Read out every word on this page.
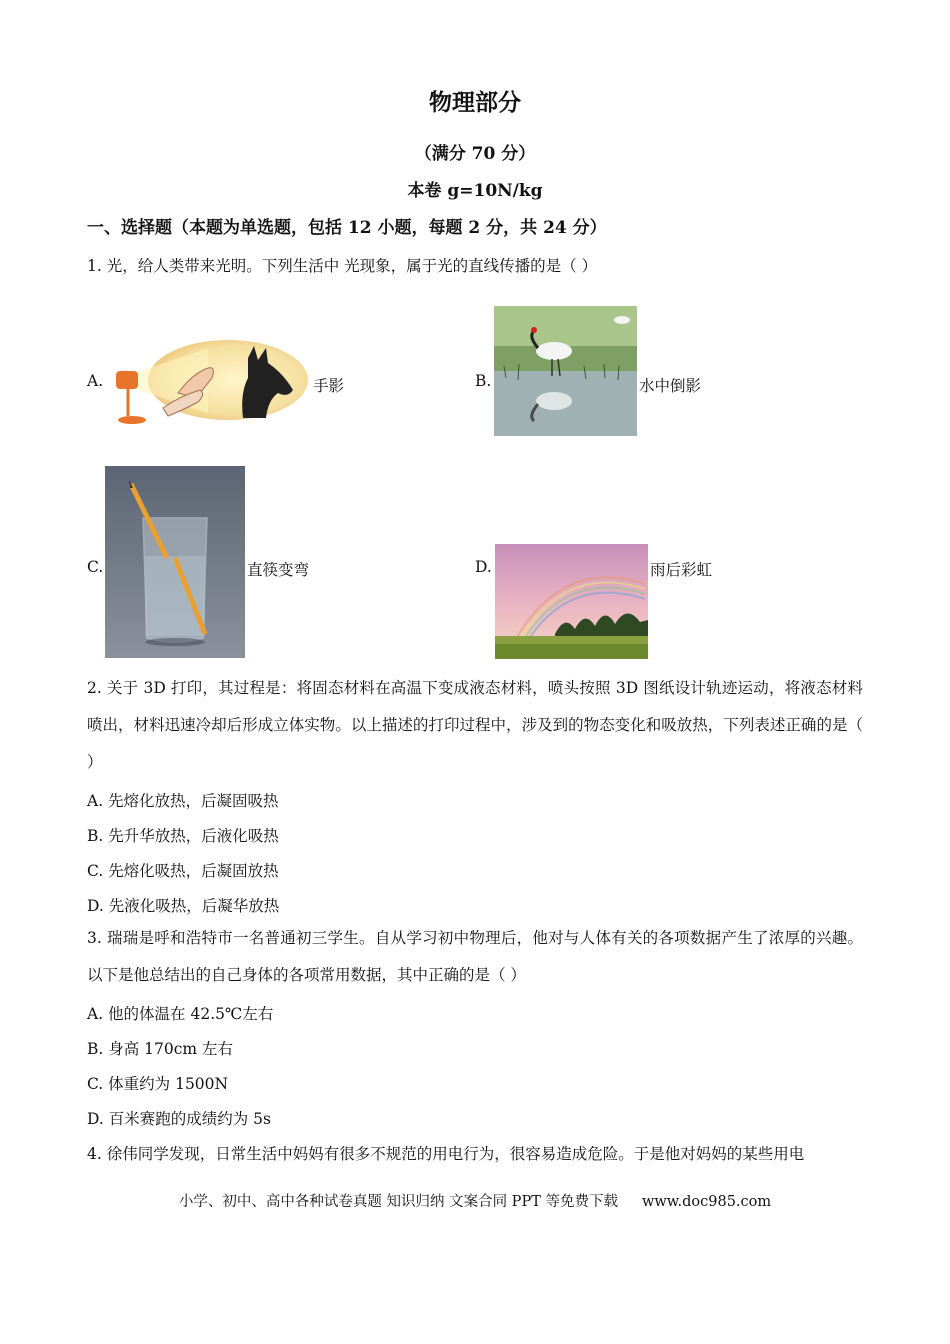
物理部分
（满分 70 分）
本卷 g=10N/kg
一、选择题（本题为单选题，包括 12 小题，每题 2 分，共 24 分）
1. 光，给人类带来光明。下列生活中 光现象，属于光的直线传播的是（ ）
A.	手影	B.	水中倒影
C.	直筷变弯	D.	雨后彩虹
2. 关于 3D 打印，其过程是：将固态材料在高温下变成液态材料，喷头按照 3D 图纸设计轨迹运动，将液态材料喷出，材料迅速冷却后形成立体实物。以上描述的打印过程中，涉及到的物态变化和吸放热，下列表述正确的是（ ）
A. 先熔化放热，后凝固吸热
B. 先升华放热，后液化吸热
C. 先熔化吸热，后凝固放热
D. 先液化吸热，后凝华放热
3. 瑞瑞是呼和浩特市一名普通初三学生。自从学习初中物理后，他对与人体有关的各项数据产生了浓厚的兴趣。以下是他总结出的自己身体的各项常用数据，其中正确的是（ ）
A. 他的体温在 42.5℃左右
B. 身高 170cm 左右
C. 体重约为 1500N
D. 百米赛跑的成绩约为 5s
4. 徐伟同学发现，日常生活中妈妈有很多不规范的用电行为，很容易造成危险。于是他对妈妈的某些用电
小学、初中、高中各种试卷真题 知识归纳 文案合同 PPT 等免费下载 www.doc985.com
